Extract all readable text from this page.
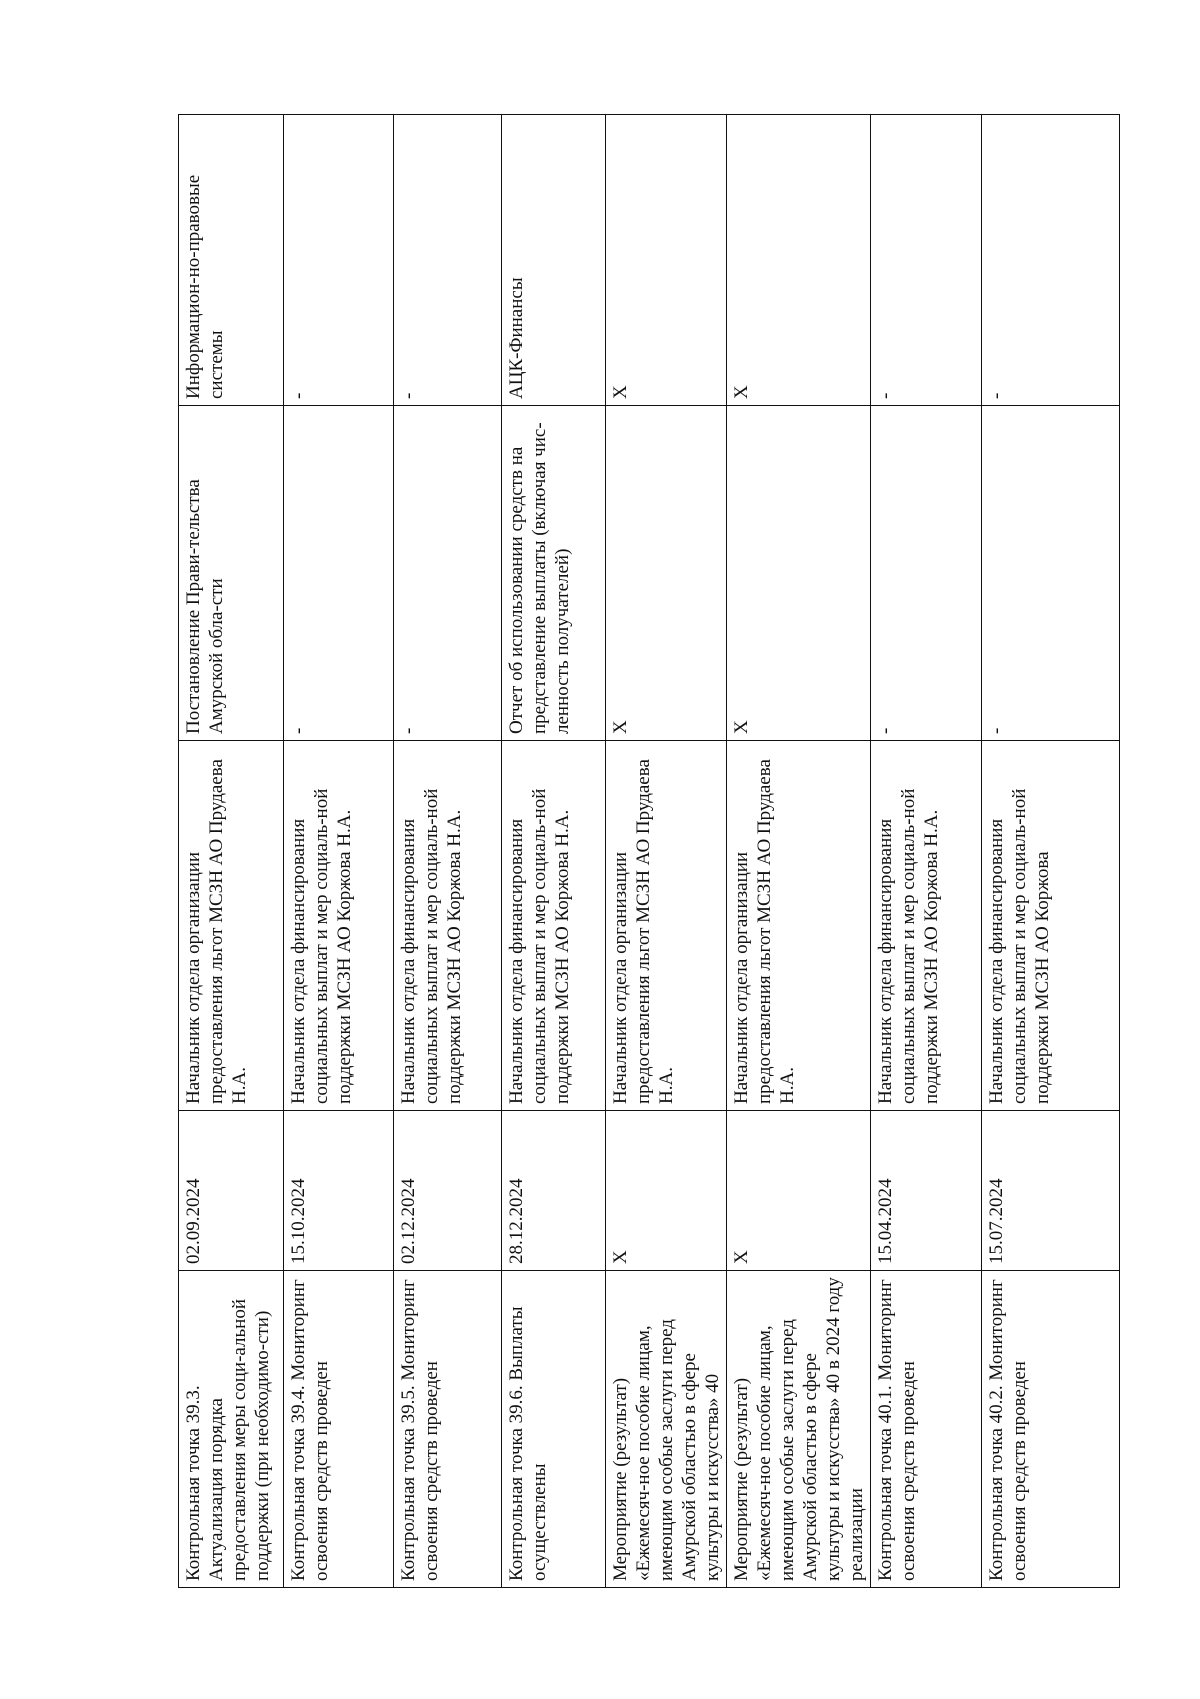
Контрольная точка 39.3. Актуализация порядка предоставления меры соци-альной поддержки (при необходимо-сти)	02.09.2024	Начальник отдела организации предоставления льгот МСЗН АО Прудаева Н.А.	Постановление Прави-тельства Амурской обла-сти	Информацион-но-правовые системы
Контрольная точка 39.4. Мониторинг освоения средств проведен	15.10.2024	Начальник отдела финансирования социальных выплат и мер социаль-ной поддержки МСЗН АО Коржова Н.А.	-	-
Контрольная точка 39.5. Мониторинг освоения средств проведен	02.12.2024	Начальник отдела финансирования социальных выплат и мер социаль-ной поддержки МСЗН АО Коржова Н.А.	-	-
Контрольная точка 39.6. Выплаты осуществлены	28.12.2024	Начальник отдела финансирования социальных выплат и мер социаль-ной поддержки МСЗН АО Коржова Н.А.	Отчет об использовании средств на представление выплаты (включая чис-ленность получателей)	АЦК-Финансы
Мероприятие (результат) «Ежемесяч-ное пособие лицам, имеющим особые заслуги перед Амурской областью в сфере культуры и искусства» 40	X	Начальник отдела организации предоставления льгот МСЗН АО Прудаева Н.А.	X	X
Мероприятие (результат) «Ежемесяч-ное пособие лицам, имеющим особые заслуги перед Амурской областью в сфере культуры и искусства» 40 в 2024 году реализации	X	Начальник отдела организации предоставления льгот МСЗН АО Прудаева Н.А.	X	X
Контрольная точка 40.1. Мониторинг освоения средств проведен	15.04.2024	Начальник отдела финансирования социальных выплат и мер социаль-ной поддержки МСЗН АО Коржова Н.А.	-	-
Контрольная точка 40.2. Мониторинг освоения средств проведен	15.07.2024	Начальник отдела финансирования социальных выплат и мер социаль-ной поддержки МСЗН АО Коржова	-	-
